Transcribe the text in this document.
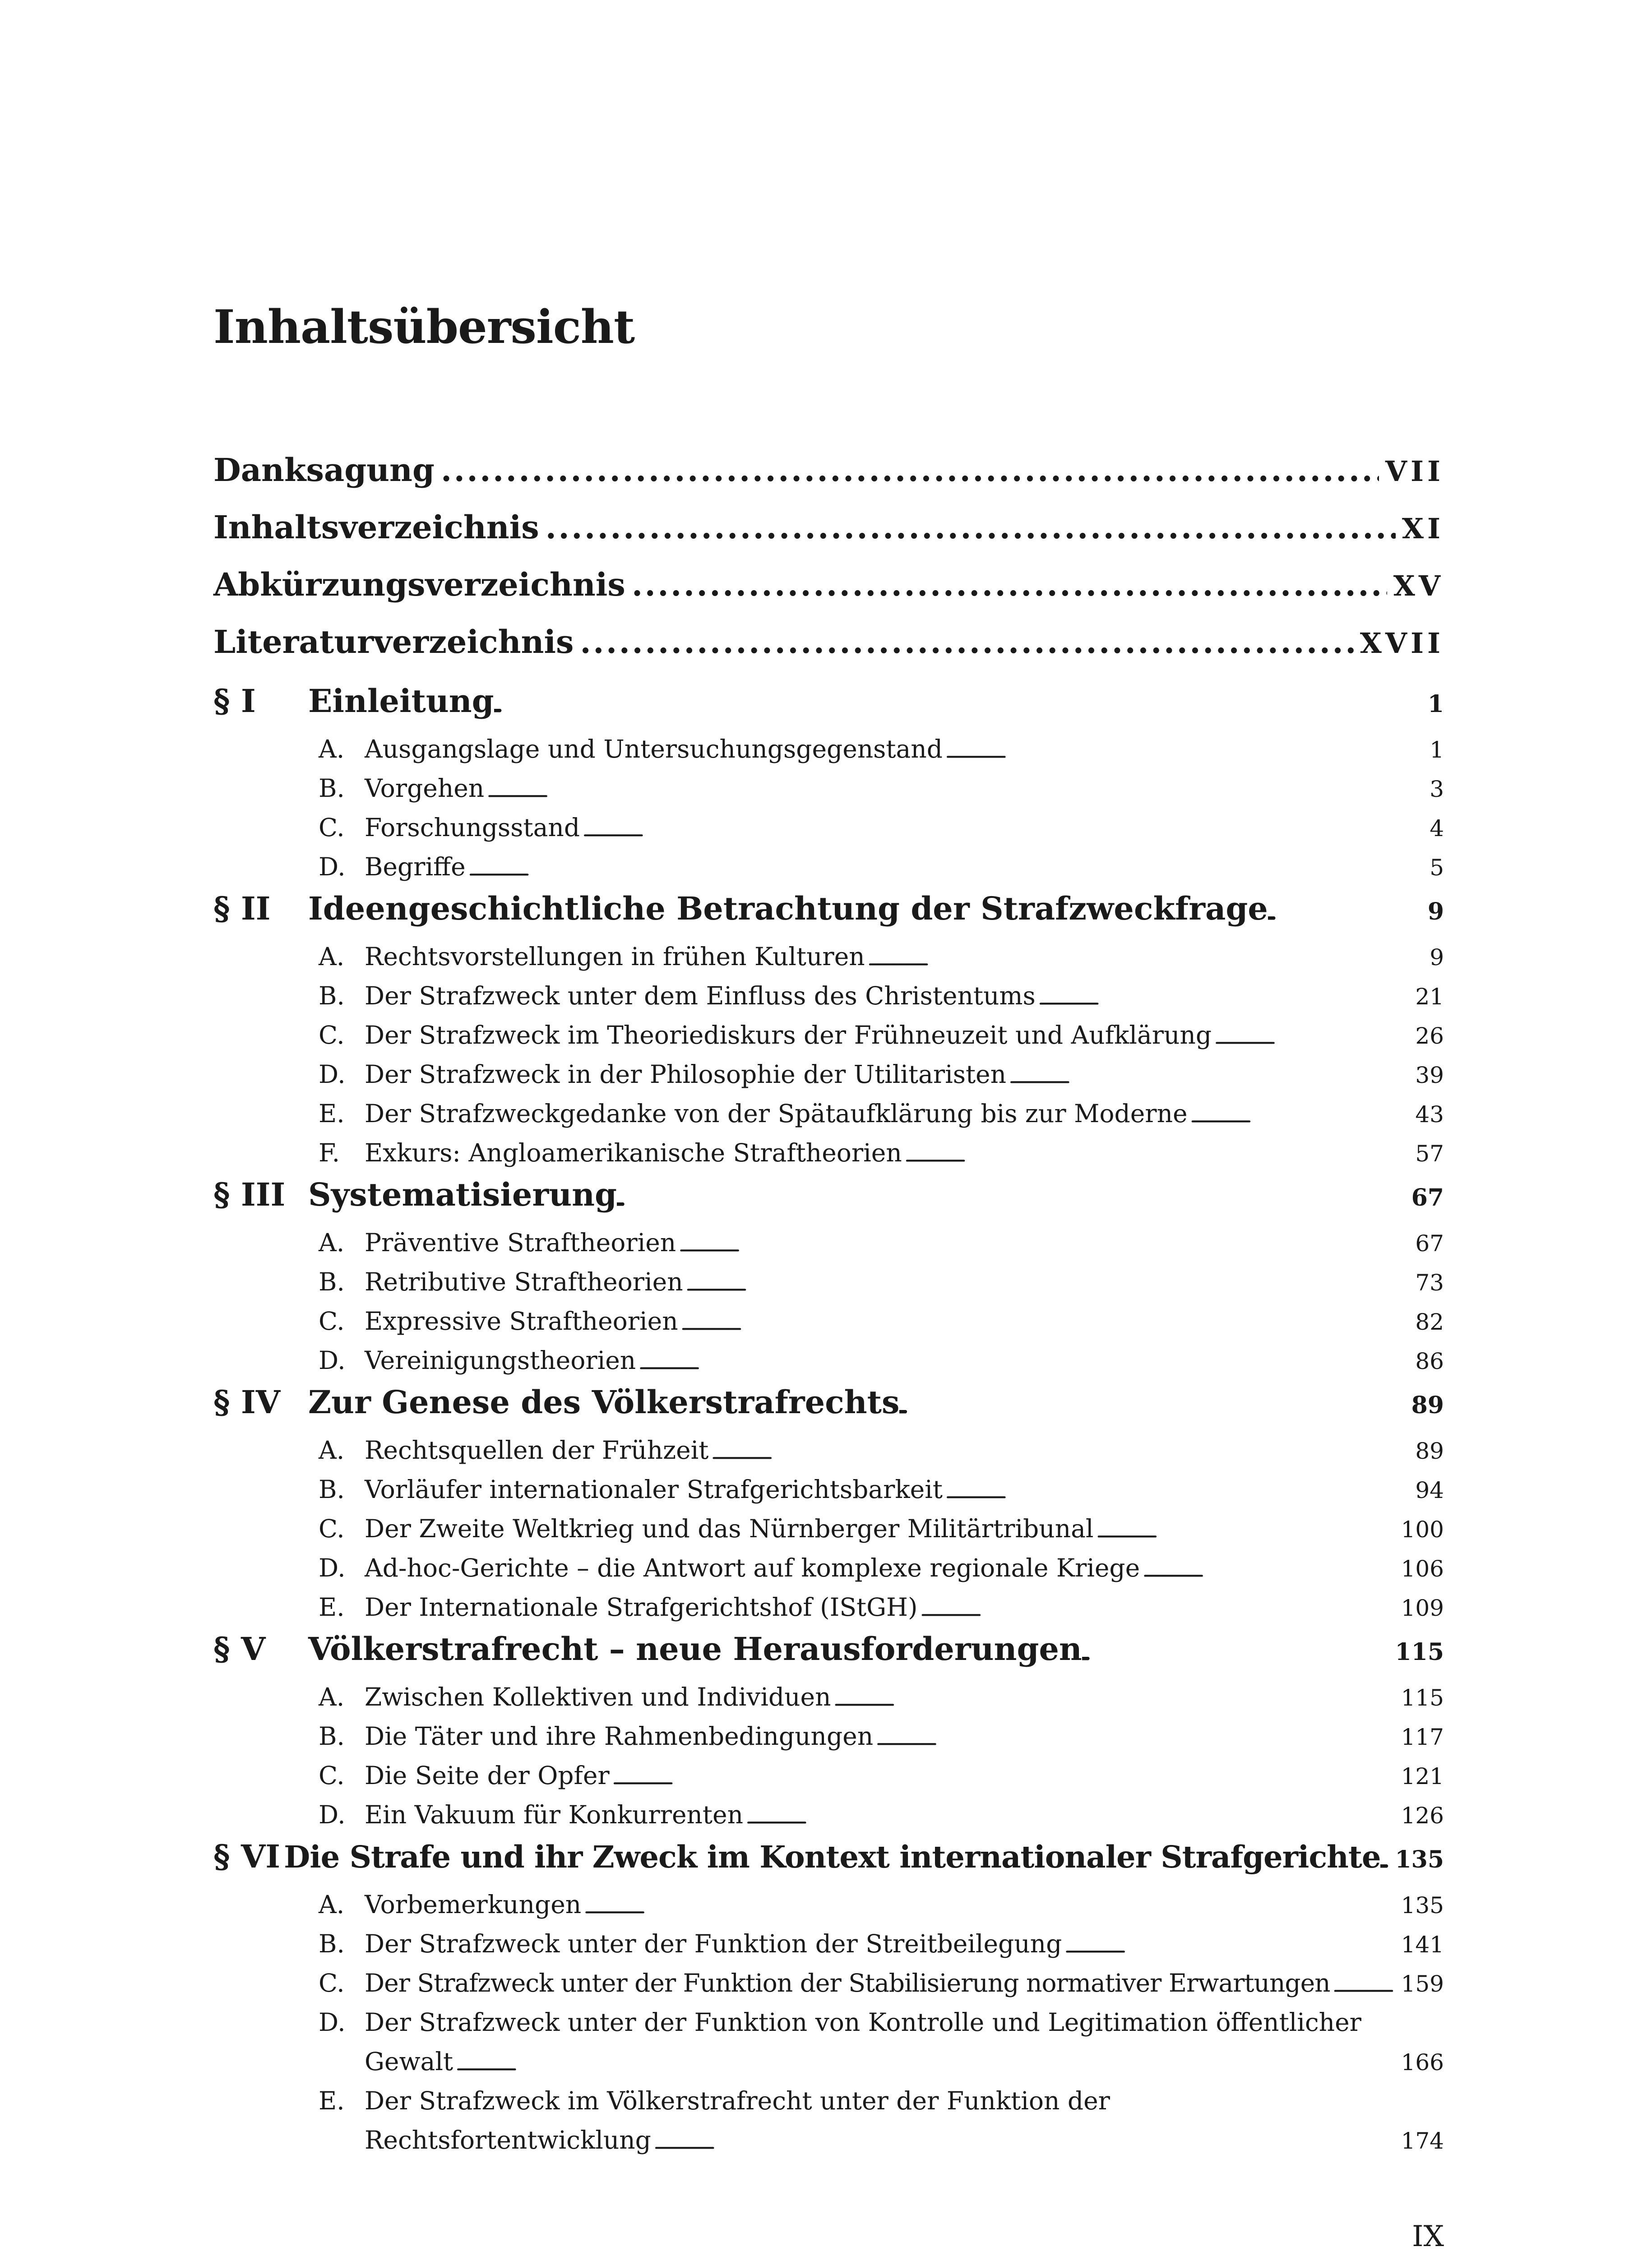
Inhaltsübersicht
Danksagung . . .	VII
Inhaltsverzeichnis . . .	XI
Abkürzungsverzeichnis . . .	XV
Literaturverzeichnis . . .	XVII
§ I	Einleitung . . .	1
A. Ausgangslage und Untersuchungsgegenstand . . .	1
B. Vorgehen . . .	3
C. Forschungsstand . . .	4
D. Begriffe . . .	5
§ II	Ideengeschichtliche Betrachtung der Strafzweckfrage . . .	9
A. Rechtsvorstellungen in frühen Kulturen . . .	9
B. Der Strafzweck unter dem Einfluss des Christentums . . .	21
C. Der Strafzweck im Theoriediskurs der Frühneuzeit und Aufklärung . . .	26
D. Der Strafzweck in der Philosophie der Utilitaristen . . .	39
E. Der Strafzweckgedanke von der Spätaufklärung bis zur Moderne . . .	43
F. Exkurs: Angloamerikanische Straftheorien . . .	57
§ III Systematisierung . . .	67
A. Präventive Straftheorien . . .	67
B. Retributive Straftheorien . . .	73
C. Expressive Straftheorien . . .	82
D. Vereinigungstheorien . . .	86
§ IV Zur Genese des Völkerstrafrechts . . .	89
A. Rechtsquellen der Frühzeit . . .	89
B. Vorläufer internationaler Strafgerichtsbarkeit . . .	94
C. Der Zweite Weltkrieg und das Nürnberger Militärtribunal . . .	100
D. Ad-hoc-Gerichte – die Antwort auf komplexe regionale Kriege . . .	106
E. Der Internationale Strafgerichtshof (IStGH) . . .	109
§ V	Völkerstrafrecht – neue Herausforderungen . . .	115
A. Zwischen Kollektiven und Individuen . . .	115
B. Die Täter und ihre Rahmenbedingungen . . .	117
C. Die Seite der Opfer . . .	121
D. Ein Vakuum für Konkurrenten . . .	126
§ VI Die Strafe und ihr Zweck im Kontext internationaler Strafgerichte . . . 135
A. Vorbemerkungen . . .	135
B. Der Strafzweck unter der Funktion der Streitbeilegung . . .	141
C. Der Strafzweck unter der Funktion der Stabilisierung normativer Erwartungen . . .	159
D. Der Strafzweck unter der Funktion von Kontrolle und Legitimation öffentlicher
Gewalt . . .	166
E. Der Strafzweck im Völkerstrafrecht unter der Funktion der
Rechtsfortentwicklung . . .	174
IX
